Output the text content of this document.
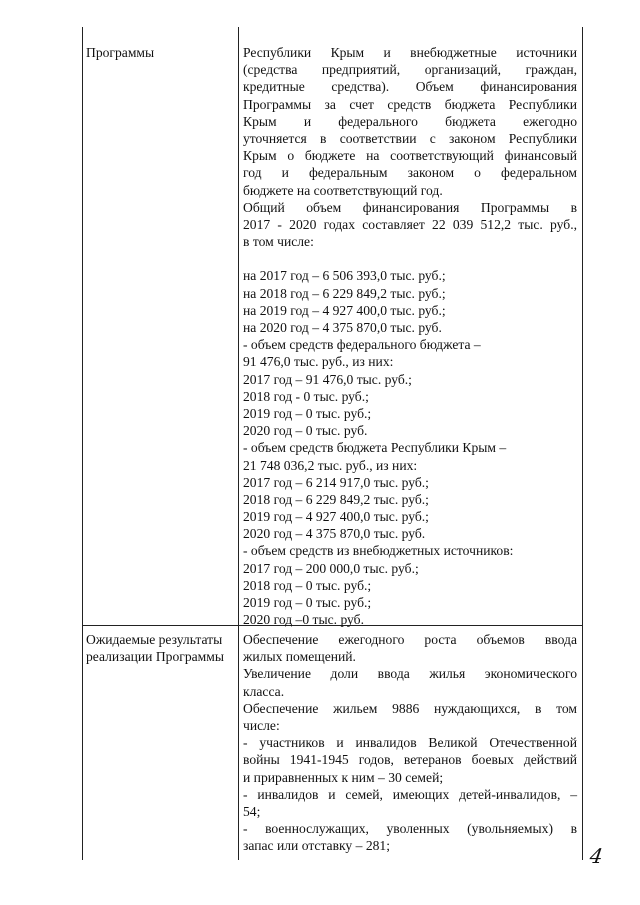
Программы	Республики Крым и внебюджетные источники
(средства предприятий, организаций, граждан,
кредитные средства). Объем финансирования
Программы за счет средств бюджета Республики
Крым и федерального бюджета ежегодно
уточняется в соответствии с законом Республики
Крым о бюджете на соответствующий финансовый
год и федеральным законом о федеральном
бюджете на соответствующий год.
Общий объем финансирования Программы в
2017 - 2020 годах составляет 22 039 512,2 тыс. руб.,
в том числе:
на 2017 год – 6 506 393,0 тыс. руб.;
на 2018 год – 6 229 849,2 тыс. руб.;
на 2019 год – 4 927 400,0 тыс. руб.;
на 2020 год – 4 375 870,0 тыс. руб.
- объем средств федерального бюджета –
91 476,0 тыс. руб., из них:
2017 год – 91 476,0 тыс. руб.;
2018 год - 0 тыс. руб.;
2019 год – 0 тыс. руб.;
2020 год – 0 тыс. руб.
- объем средств бюджета Республики Крым –
21 748 036,2 тыс. руб., из них:
2017 год – 6 214 917,0 тыс. руб.;
2018 год – 6 229 849,2 тыс. руб.;
2019 год – 4 927 400,0 тыс. руб.;
2020 год – 4 375 870,0 тыс. руб.
- объем средств из внебюджетных источников:
2017 год – 200 000,0 тыс. руб.;
2018 год – 0 тыс. руб.;
2019 год – 0 тыс. руб.;
2020 год –0 тыс. руб.
Ожидаемые результаты
реализации Программы
Обеспечение ежегодного роста объемов ввода
жилых помещений.
Увеличение доли ввода жилья экономического
класса.
Обеспечение жильем 9886 нуждающихся, в том
числе:
- участников и инвалидов Великой Отечественной
войны 1941-1945 годов, ветеранов боевых действий
и приравненных к ним – 30 семей;
- инвалидов и семей, имеющих детей-инвалидов, –
54;
- военнослужащих, уволенных (увольняемых) в
запас или отставку – 281;	4
